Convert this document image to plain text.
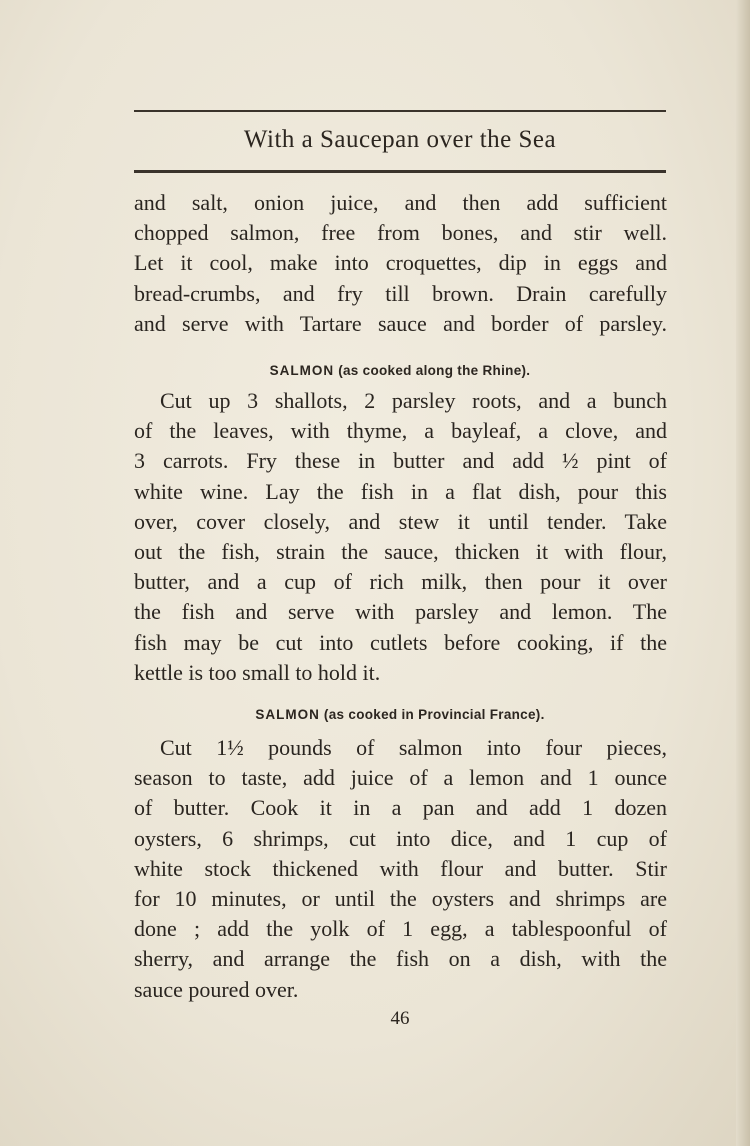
With a Saucepan over the Sea
and salt, onion juice, and then add sufficient
chopped salmon, free from bones, and stir well.
Let it cool, make into croquettes, dip in eggs and
bread-crumbs, and fry till brown. Drain carefully
and serve with Tartare sauce and border of parsley.
SALMON (as cooked along the Rhine).
Cut up 3 shallots, 2 parsley roots, and a bunch
of the leaves, with thyme, a bayleaf, a clove, and
3 carrots. Fry these in butter and add ½ pint of
white wine. Lay the fish in a flat dish, pour this
over, cover closely, and stew it until tender. Take
out the fish, strain the sauce, thicken it with flour,
butter, and a cup of rich milk, then pour it over
the fish and serve with parsley and lemon. The
fish may be cut into cutlets before cooking, if the
kettle is too small to hold it.
SALMON (as cooked in Provincial France).
Cut 1½ pounds of salmon into four pieces,
season to taste, add juice of a lemon and 1 ounce
of butter. Cook it in a pan and add 1 dozen
oysters, 6 shrimps, cut into dice, and 1 cup of
white stock thickened with flour and butter. Stir
for 10 minutes, or until the oysters and shrimps are
done ; add the yolk of 1 egg, a tablespoonful of
sherry, and arrange the fish on a dish, with the
sauce poured over.
46
